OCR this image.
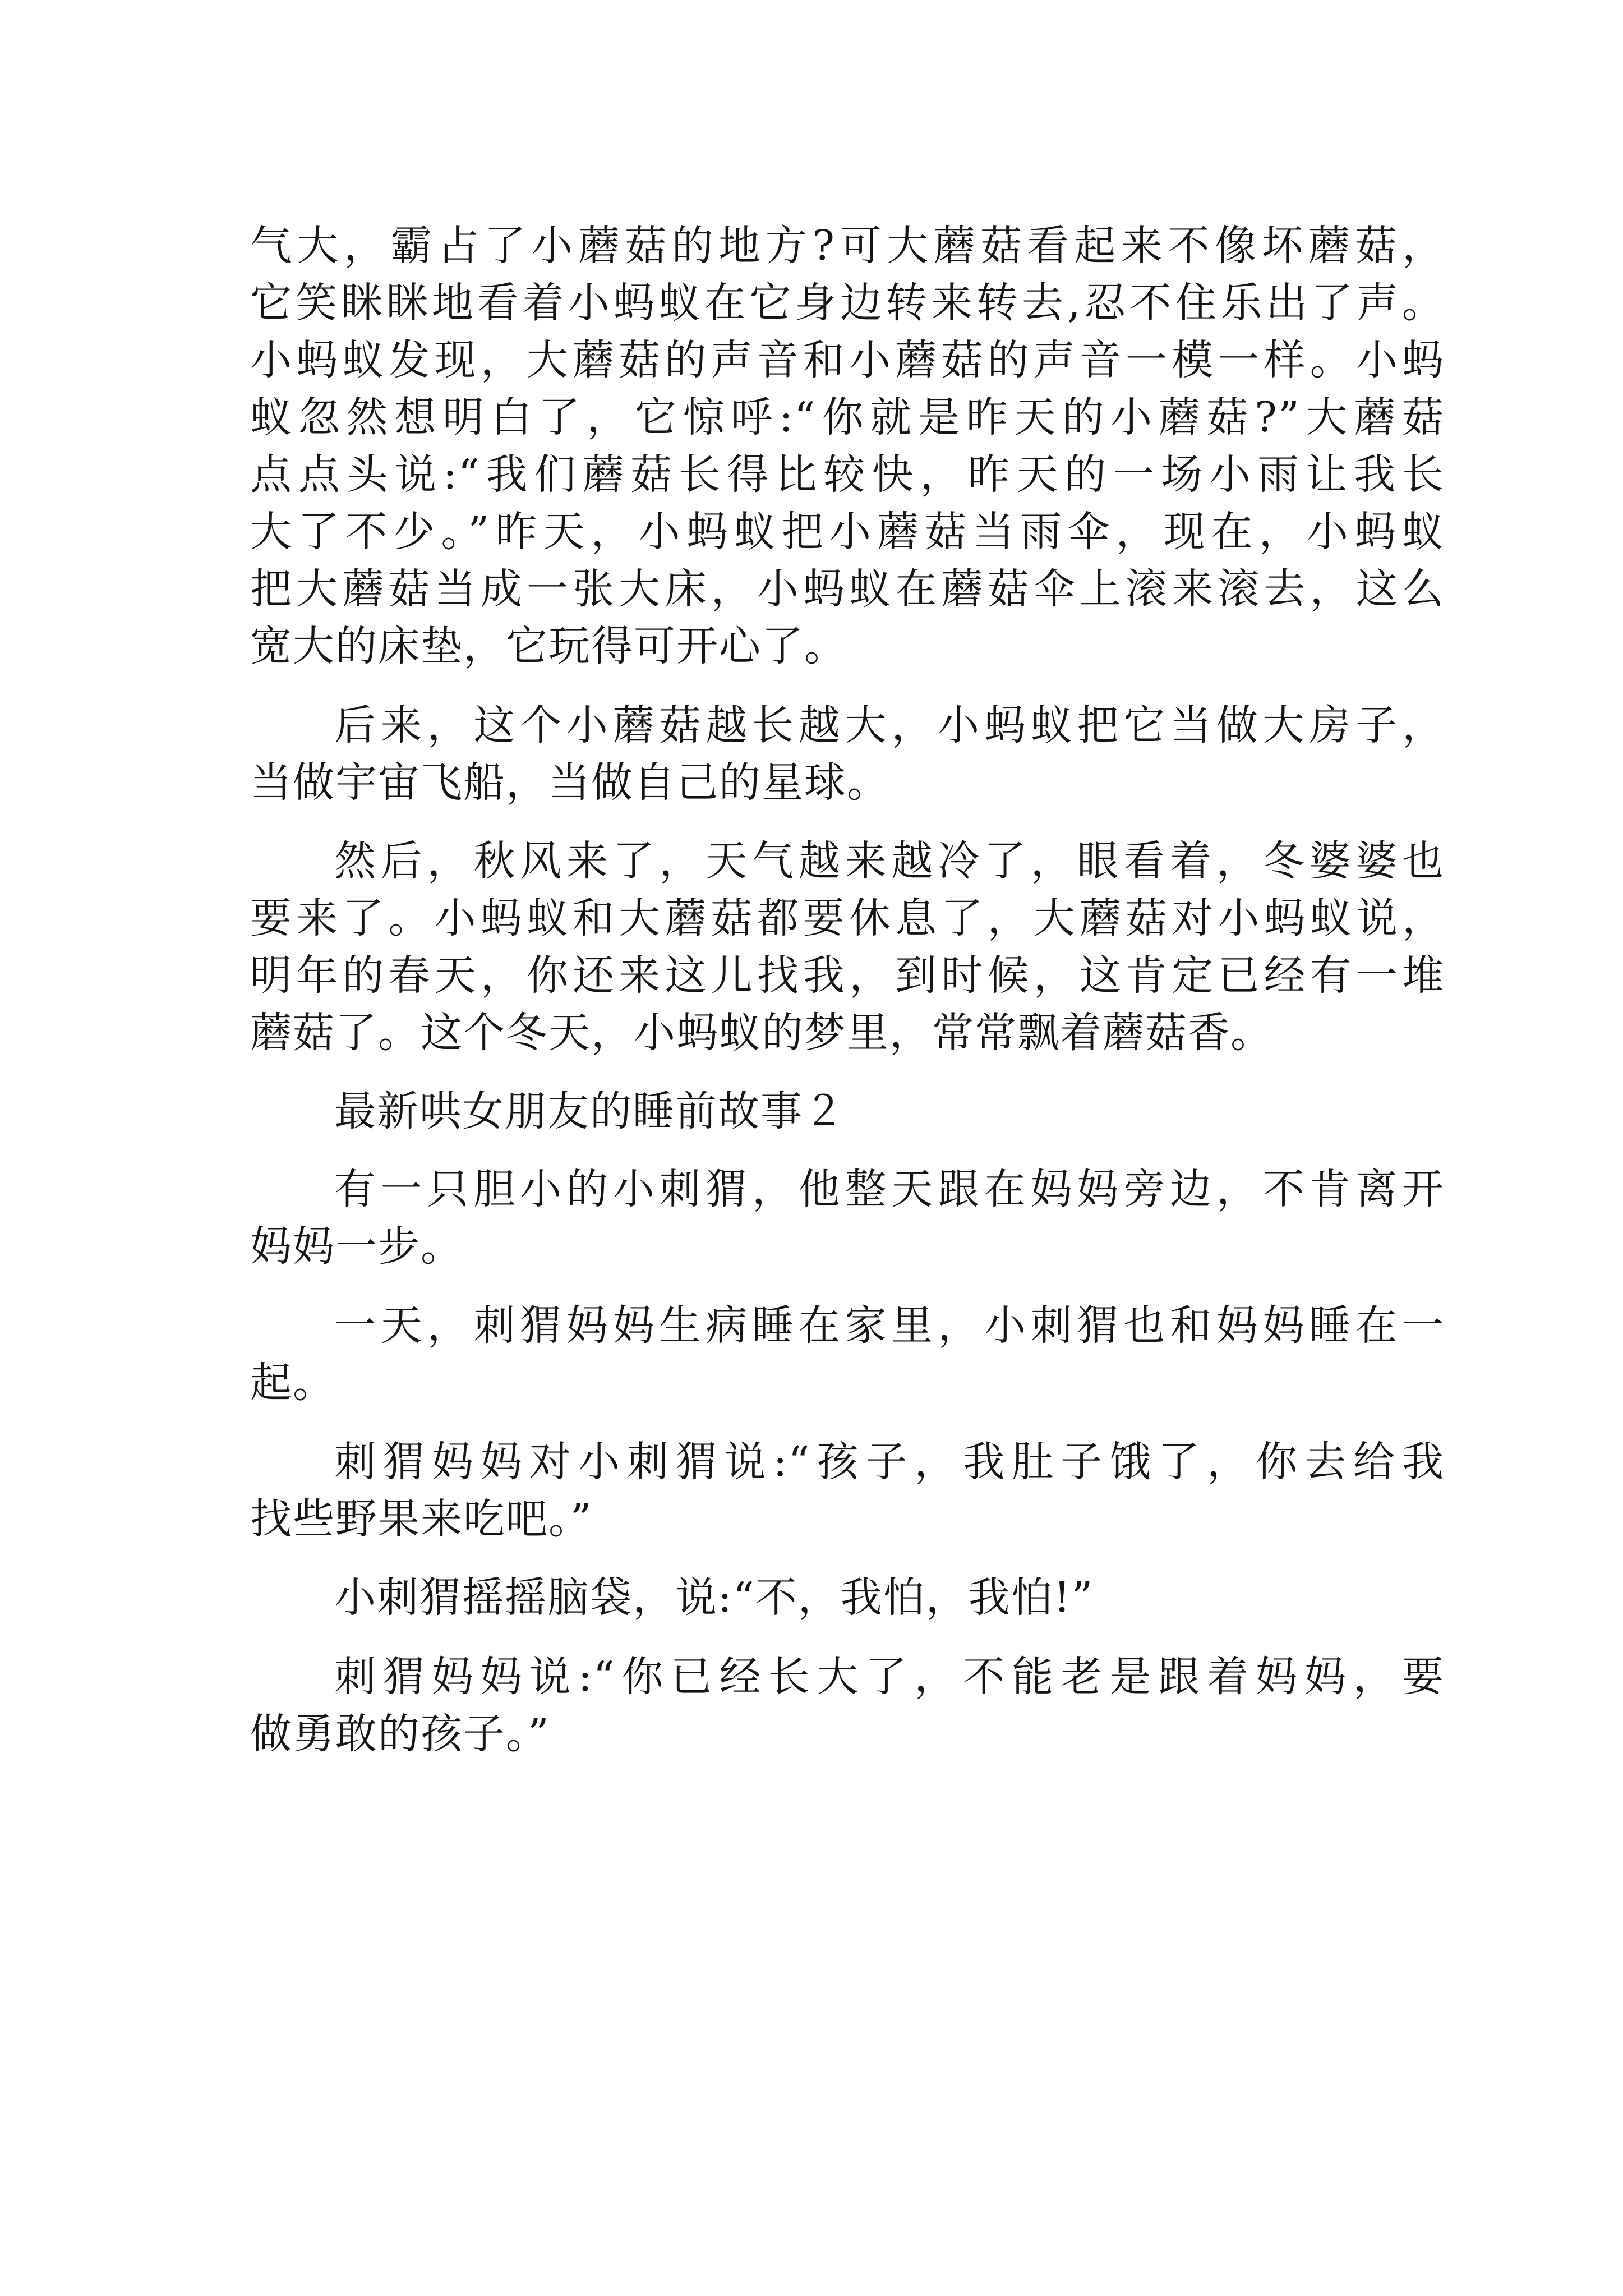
气大，霸占了小蘑菇的地方?可大蘑菇看起来不像坏蘑菇，
它笑眯眯地看着小蚂蚁在它身边转来转去,忍不住乐出了声。
小蚂蚁发现，大蘑菇的声音和小蘑菇的声音一模一样。小蚂
蚁忽然想明白了，它惊呼:“你就是昨天的小蘑菇?”大蘑菇
点点头说:“我们蘑菇长得比较快，昨天的一场小雨让我长
大了不少。”昨天，小蚂蚁把小蘑菇当雨伞，现在，小蚂蚁
把大蘑菇当成一张大床，小蚂蚁在蘑菇伞上滚来滚去，这么
宽大的床垫，它玩得可开心了。
后来，这个小蘑菇越长越大，小蚂蚁把它当做大房子，
当做宇宙飞船，当做自己的星球。
然后，秋风来了，天气越来越冷了，眼看着，冬婆婆也
要来了。小蚂蚁和大蘑菇都要休息了，大蘑菇对小蚂蚁说，
明年的春天，你还来这儿找我，到时候，这肯定已经有一堆
蘑菇了。这个冬天，小蚂蚁的梦里，常常飘着蘑菇香。
最新哄女朋友的睡前故事２
有一只胆小的小刺猬，他整天跟在妈妈旁边，不肯离开
妈妈一步。
一天，刺猬妈妈生病睡在家里，小刺猬也和妈妈睡在一
起。
刺猬妈妈对小刺猬说:“孩子，我肚子饿了，你去给我
找些野果来吃吧。”
小刺猬摇摇脑袋，说:“不，我怕，我怕!”
刺猬妈妈说:“你已经长大了，不能老是跟着妈妈，要
做勇敢的孩子。”
